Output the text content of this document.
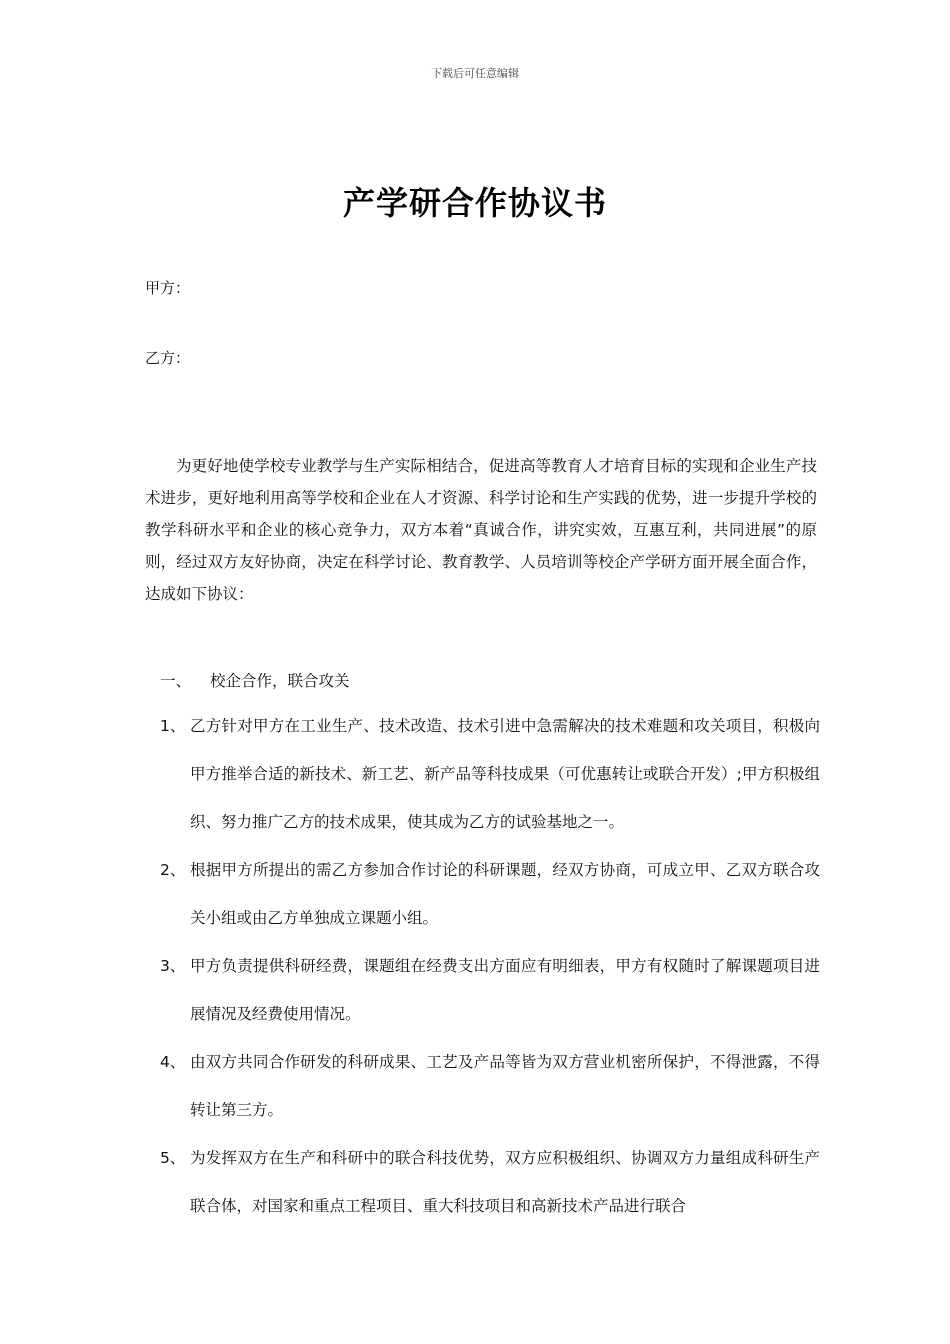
下载后可任意编辑
产学研合作协议书
甲方：
乙方：

为更好地使学校专业教学与生产实际相结合，促进高等教育人才培育目标的实现和企业生产技术进步，更好地利用高等学校和企业在人才资源、科学讨论和生产实践的优势，进一步提升学校的教学科研水平和企业的核心竞争力，双方本着“真诚合作，讲究实效，互惠互利，共同进展”的原则，经过双方友好协商，决定在科学讨论、教育教学、人员培训等校企产学研方面开展全面合作，达成如下协议：

一、 校企合作，联合攻关
1、 乙方针对甲方在工业生产、技术改造、技术引进中急需解决的技术难题和攻关项目，积极向甲方推举合适的新技术、新工艺、新产品等科技成果（可优惠转让或联合开发）;甲方积极组织、努力推广乙方的技术成果，使其成为乙方的试验基地之一。
2、 根据甲方所提出的需乙方参加合作讨论的科研课题，经双方协商，可成立甲、乙双方联合攻关小组或由乙方单独成立课题小组。
3、 甲方负责提供科研经费，课题组在经费支出方面应有明细表，甲方有权随时了解课题项目进展情况及经费使用情况。
4、 由双方共同合作研发的科研成果、工艺及产品等皆为双方营业机密所保护，不得泄露，不得转让第三方。
5、 为发挥双方在生产和科研中的联合科技优势，双方应积极组织、协调双方力量组成科研生产联合体，对国家和重点工程项目、重大科技项目和高新技术产品进行联合
